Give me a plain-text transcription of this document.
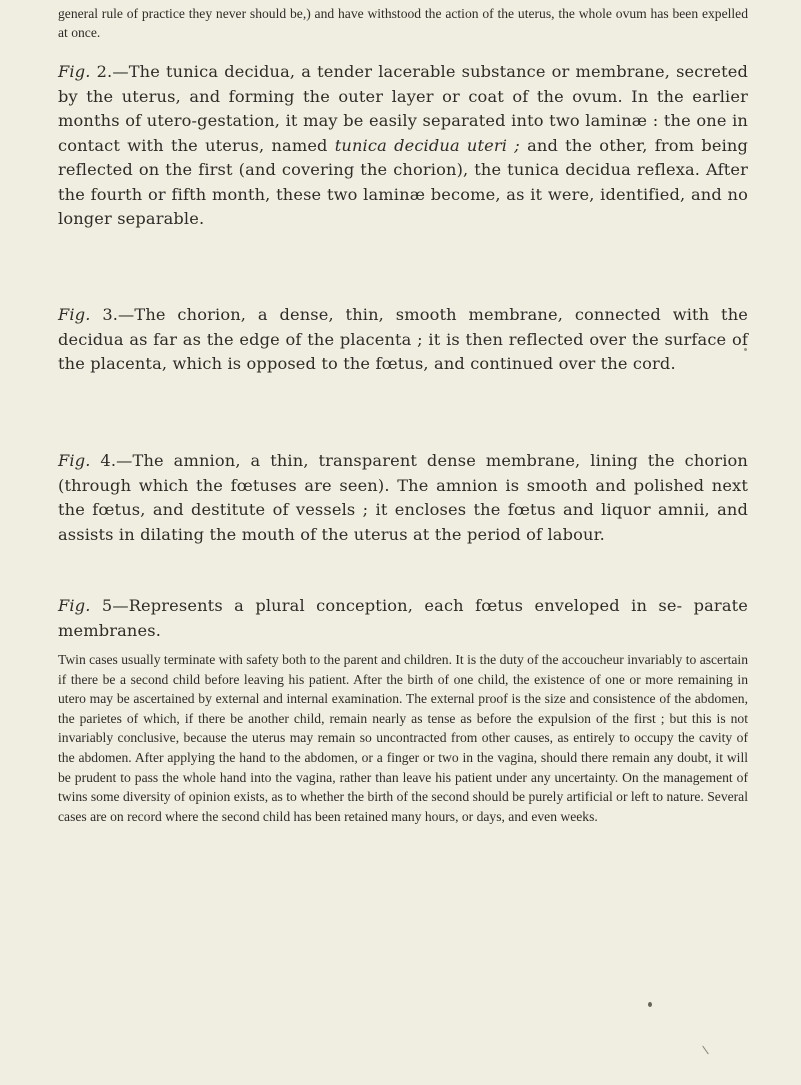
general rule of practice they never should be,) and have withstood the action of the uterus, the whole ovum has been expelled at once.

Fig. 2.—The tunica decidua, a tender lacerable substance or membrane, secreted by the uterus, and forming the outer layer or coat of the ovum. In the earlier months of utero-gestation, it may be easily separated into two laminæ : the one in contact with the uterus, named tunica decidua uteri ; and the other, from being reflected on the first (and covering the chorion), the tunica decidua reflexa. After the fourth or fifth month, these two laminæ become, as it were, identified, and no longer separable.

Fig. 3.—The chorion, a dense, thin, smooth membrane, connected with the decidua as far as the edge of the placenta ; it is then reflected over the surface of the placenta, which is opposed to the fœtus, and continued over the cord.

Fig. 4.—The amnion, a thin, transparent dense membrane, lining the chorion (through which the fœtuses are seen). The amnion is smooth and polished next the fœtus, and destitute of vessels ; it encloses the fœtus and liquor amnii, and assists in dilating the mouth of the uterus at the period of labour.

Fig. 5—Represents a plural conception, each fœtus enveloped in se- parate membranes.

Twin cases usually terminate with safety both to the parent and children. It is the duty of the accoucheur invariably to ascertain if there be a second child before leaving his patient. After the birth of one child, the existence of one or more remaining in utero may be ascertained by external and internal examination. The external proof is the size and consistence of the abdomen, the parietes of which, if there be another child, remain nearly as tense as before the expulsion of the first ; but this is not invariably conclusive, because the uterus may remain so uncontracted from other causes, as entirely to occupy the cavity of the abdomen. After applying the hand to the abdomen, or a finger or two in the vagina, should there remain any doubt, it will be prudent to pass the whole hand into the vagina, rather than leave his patient under any uncertainty. On the management of twins some diversity of opinion exists, as to whether the birth of the second should be purely artificial or left to nature. Several cases are on record where the second child has been retained many hours, or days, and even weeks.
